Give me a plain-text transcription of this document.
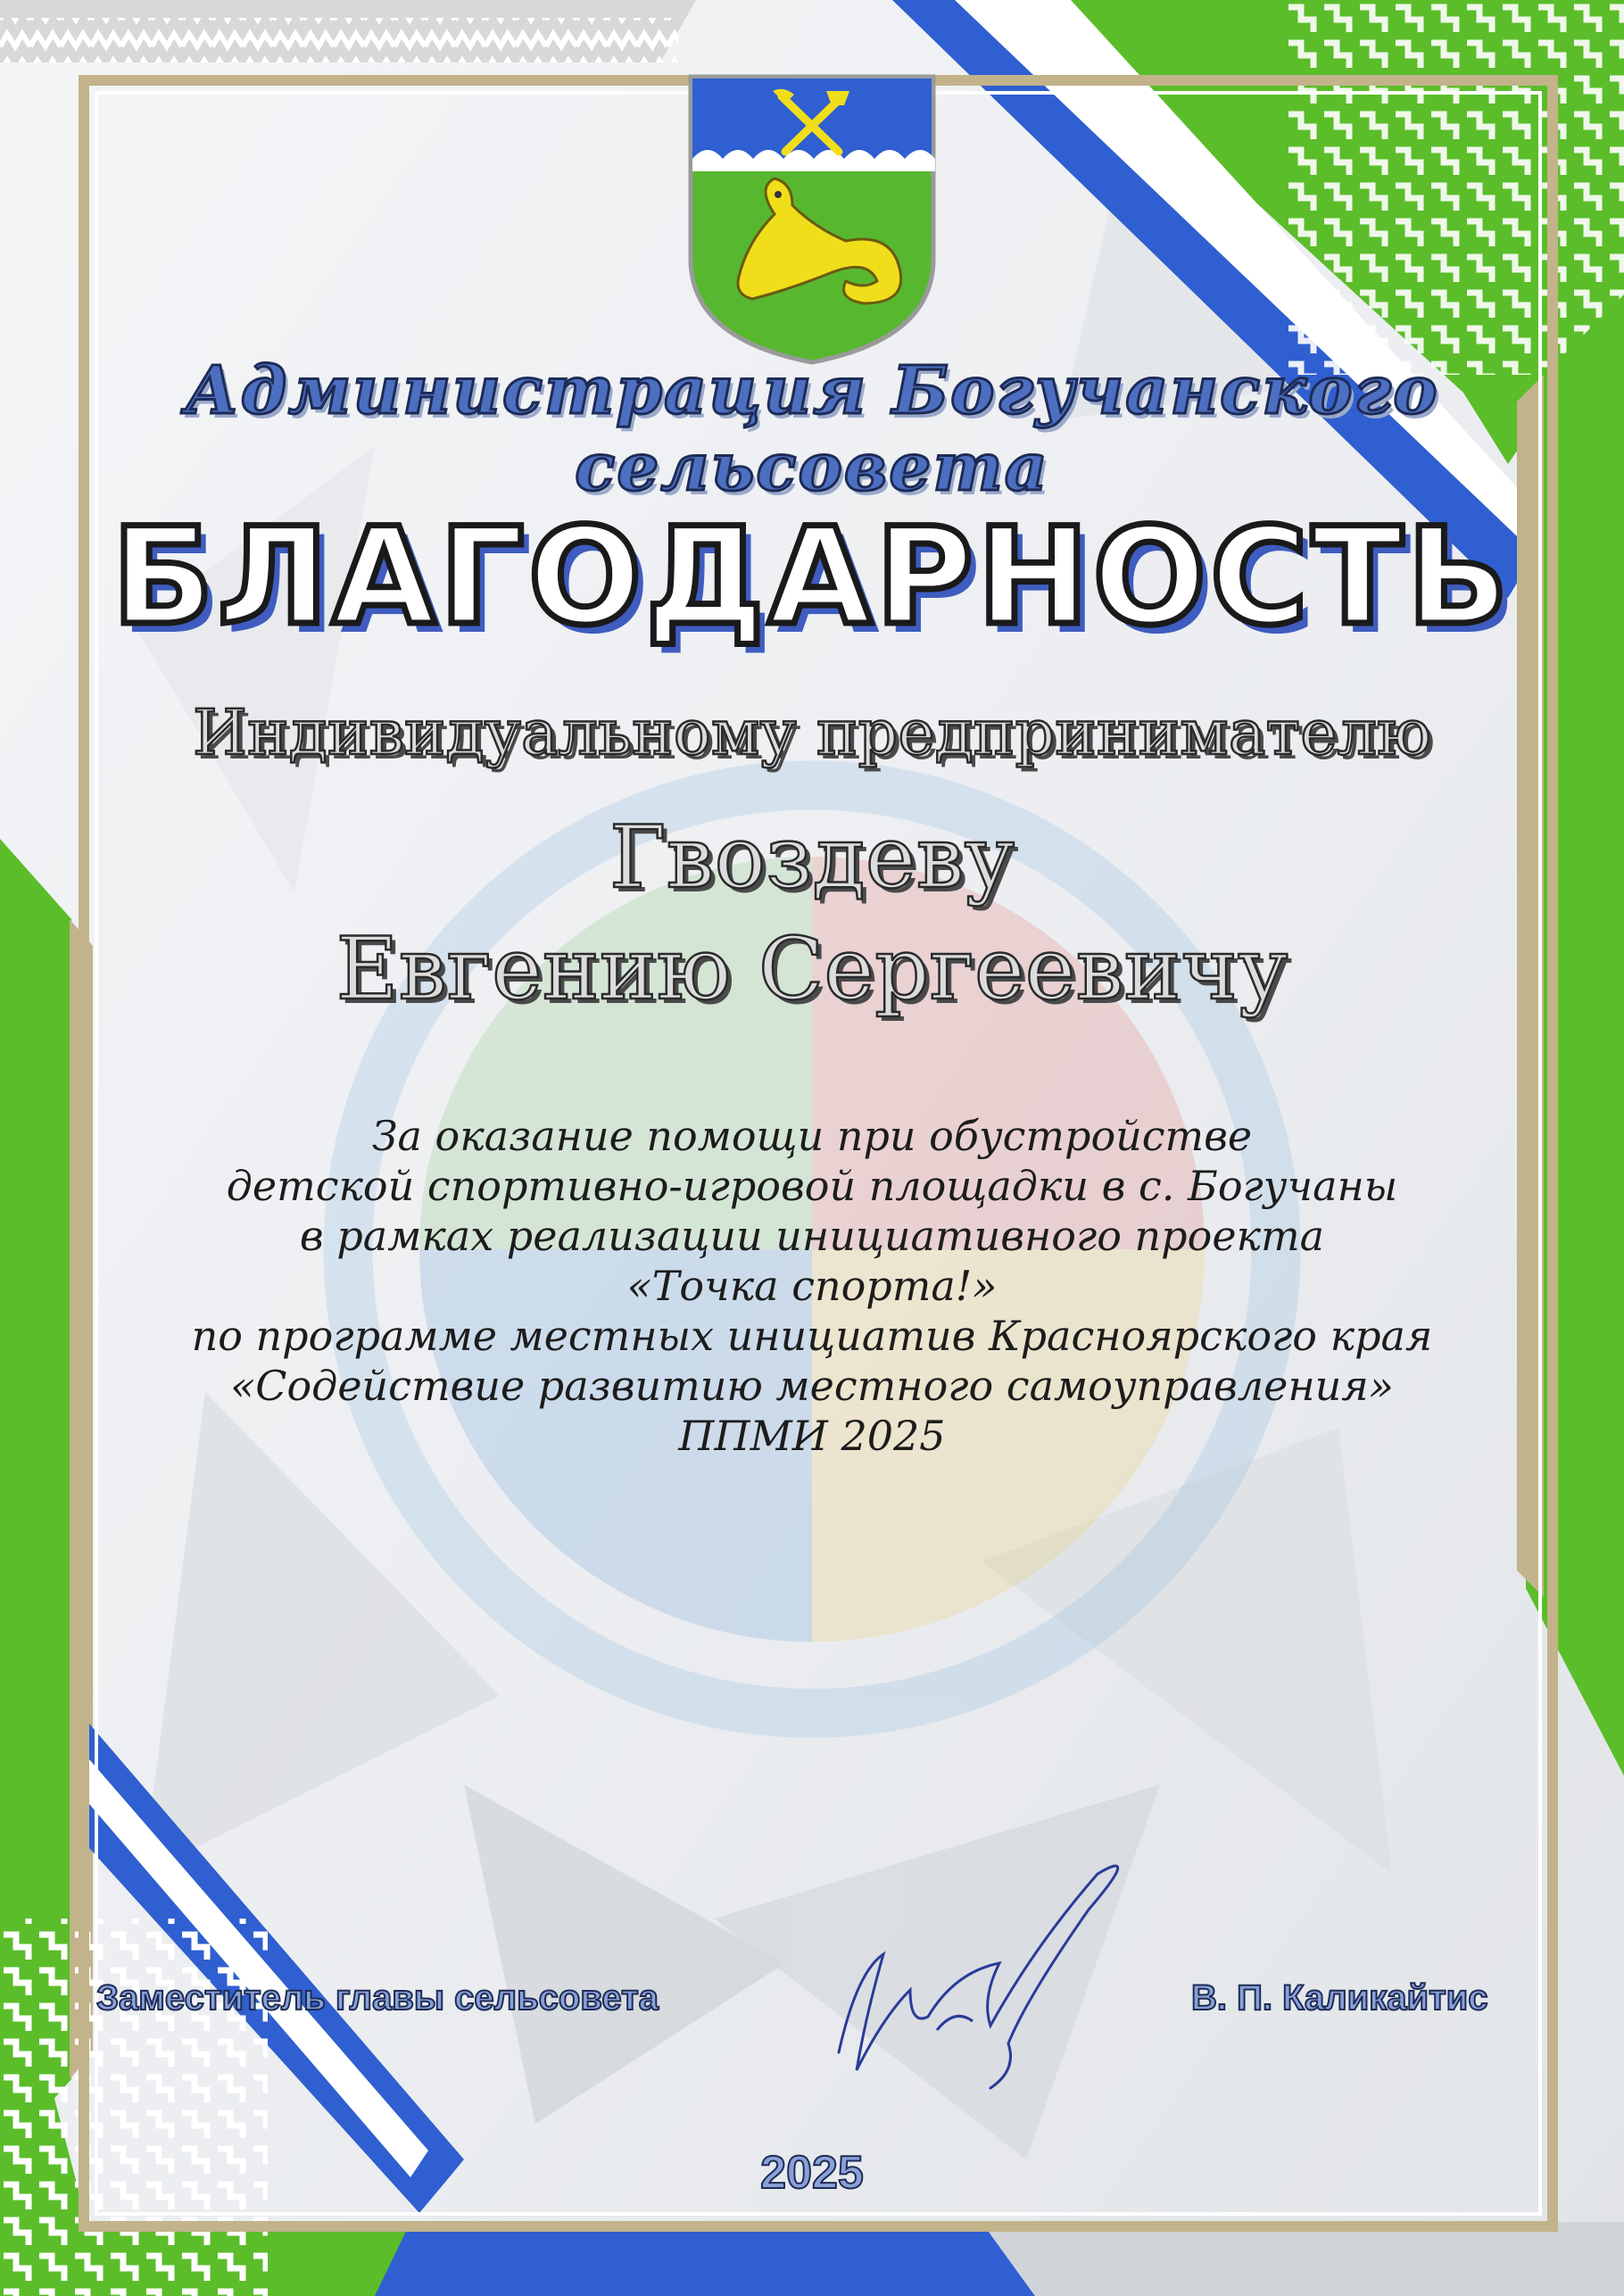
Администрация Богучанского сельсовета
БЛАГОДАРНОСТЬ
Индивидуальному предпринимателю
Гвоздеву
Евгению Сергеевичу
За оказание помощи при обустройстве
детской спортивно-игровой площадки в с. Богучаны
в рамках реализации инициативного проекта
«Точка спорта!»
по программе местных инициатив Красноярского края
«Содействие развитию местного самоуправления»
ППМИ 2025
Заместитель главы сельсовета	В. П. Каликайтис
2025
